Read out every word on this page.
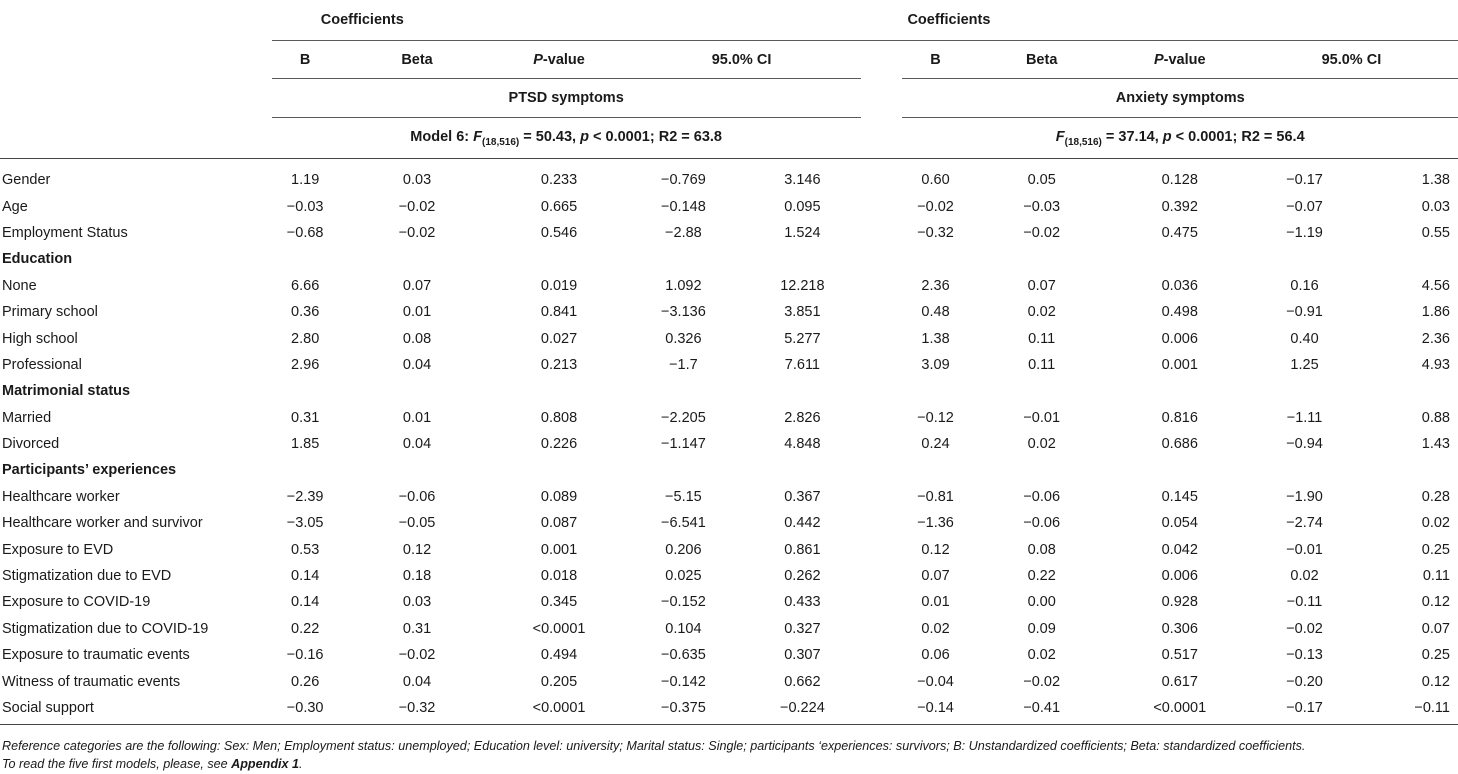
	Coefficients						Coefficients				
	B	Beta	P-value	95.0% CI			B	Beta	P-value	95.0% CI	
	PTSD symptoms						Anxiety symptoms				
	Model 6: $F_{(18,516)} = 50.43$, p < 0.0001; R2 = 63.8						$F_{(18,516)} = 37.14$, p < 0.0001; R2 = 56.4				
Gender	1.19	0.03	0.233	−0.769	3.146		0.60	0.05	0.128	−0.17	1.38
Age	−0.03	−0.02	0.665	−0.148	0.095		−0.02	−0.03	0.392	−0.07	0.03
Employment Status	−0.68	−0.02	0.546	−2.88	1.524		−0.32	−0.02	0.475	−1.19	0.55
Education											
None	6.66	0.07	0.019	1.092	12.218		2.36	0.07	0.036	0.16	4.56
Primary school	0.36	0.01	0.841	−3.136	3.851		0.48	0.02	0.498	−0.91	1.86
High school	2.80	0.08	0.027	0.326	5.277		1.38	0.11	0.006	0.40	2.36
Professional	2.96	0.04	0.213	−1.7	7.611		3.09	0.11	0.001	1.25	4.93
Matrimonial status											
Married	0.31	0.01	0.808	−2.205	2.826		−0.12	−0.01	0.816	−1.11	0.88
Divorced	1.85	0.04	0.226	−1.147	4.848		0.24	0.02	0.686	−0.94	1.43
Participants’ experiences											
Healthcare worker	−2.39	−0.06	0.089	−5.15	0.367		−0.81	−0.06	0.145	−1.90	0.28
Healthcare worker and survivor	−3.05	−0.05	0.087	−6.541	0.442		−1.36	−0.06	0.054	−2.74	0.02
Exposure to EVD	0.53	0.12	0.001	0.206	0.861		0.12	0.08	0.042	−0.01	0.25
Stigmatization due to EVD	0.14	0.18	0.018	0.025	0.262		0.07	0.22	0.006	0.02	0.11
Exposure to COVID-19	0.14	0.03	0.345	−0.152	0.433		0.01	0.00	0.928	−0.11	0.12
Stigmatization due to COVID-19	0.22	0.31	<0.0001	0.104	0.327		0.02	0.09	0.306	−0.02	0.07
Exposure to traumatic events	−0.16	−0.02	0.494	−0.635	0.307		0.06	0.02	0.517	−0.13	0.25
Witness of traumatic events	0.26	0.04	0.205	−0.142	0.662		−0.04	−0.02	0.617	−0.20	0.12
Social support	−0.30	−0.32	<0.0001	−0.375	−0.224		−0.14	−0.41	<0.0001	−0.17	−0.11
Reference categories are the following: Sex: Men; Employment status: unemployed; Education level: university; Marital status: Single; participants ‘experiences: survivors; B: Unstandardized coefficients; Beta: standardized coefficients.
To read the five first models, please, see Appendix 1.
